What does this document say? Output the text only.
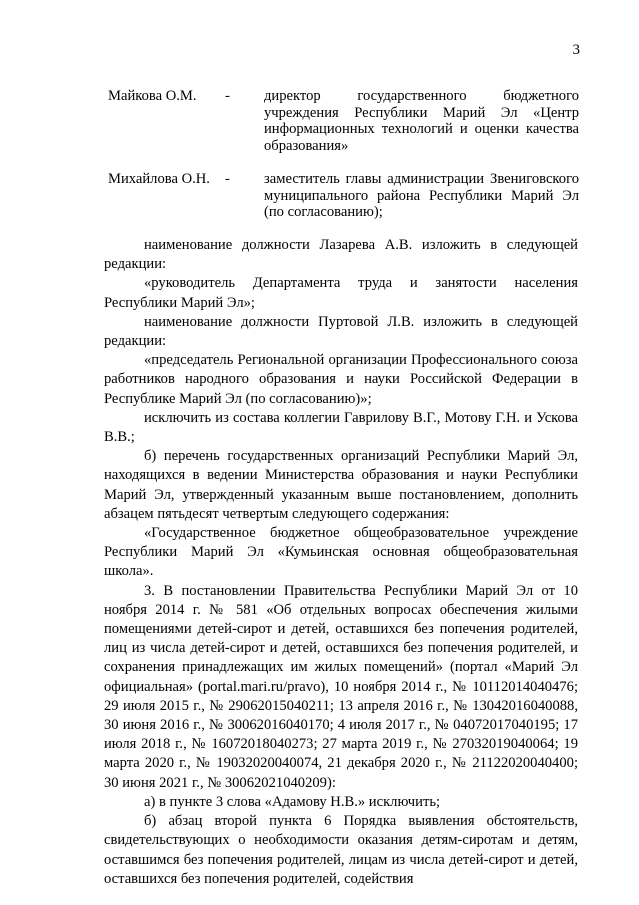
3
Майкова О.М. - директор государственного бюджетного учреждения Республики Марий Эл «Центр информационных технологий и оценки качества образования»
Михайлова О.Н. - заместитель главы администрации Звениговского муниципального района Республики Марий Эл (по согласованию);

наименование должности Лазарева А.В. изложить в следующей редакции:

«руководитель Департамента труда и занятости населения Республики Марий Эл»;

наименование должности Пуртовой Л.В. изложить в следующей редакции:

«председатель Региональной организации Профессионального союза работников народного образования и науки Российской Федерации в Республике Марий Эл (по согласованию)»;

исключить из состава коллегии Гаврилову В.Г., Мотову Г.Н. и Ускова В.В.;

б) перечень государственных организаций Республики Марий Эл, находящихся в ведении Министерства образования и науки Республики Марий Эл, утвержденный указанным выше постановлением, дополнить абзацем пятьдесят четвертым следующего содержания:

«Государственное бюджетное общеобразовательное учреждение Республики Марий Эл «Кумьинская основная общеобразовательная школа».

3. В постановлении Правительства Республики Марий Эл от 10 ноября 2014 г. № 581 «Об отдельных вопросах обеспечения жилыми помещениями детей-сирот и детей, оставшихся без попечения родителей, лиц из числа детей-сирот и детей, оставшихся без попечения родителей, и сохранения принадлежащих им жилых помещений» (портал «Марий Эл официальная» (portal.mari.ru/pravo), 10 ноября 2014 г., № 10112014040476; 29 июля 2015 г., № 29062015040211; 13 апреля 2016 г., № 13042016040088, 30 июня 2016 г., № 30062016040170; 4 июля 2017 г., № 04072017040195; 17 июля 2018 г., № 16072018040273; 27 марта 2019 г., № 27032019040064; 19 марта 2020 г., № 19032020040074, 21 декабря 2020 г., № 21122020040400; 30 июня 2021 г., № 30062021040209):

а) в пункте 3 слова «Адамову Н.В.» исключить;

б) абзац второй пункта 6 Порядка выявления обстоятельств, свидетельствующих о необходимости оказания детям-сиротам и детям, оставшимся без попечения родителей, лицам из числа детей-сирот и детей, оставшихся без попечения родителей, содействия
